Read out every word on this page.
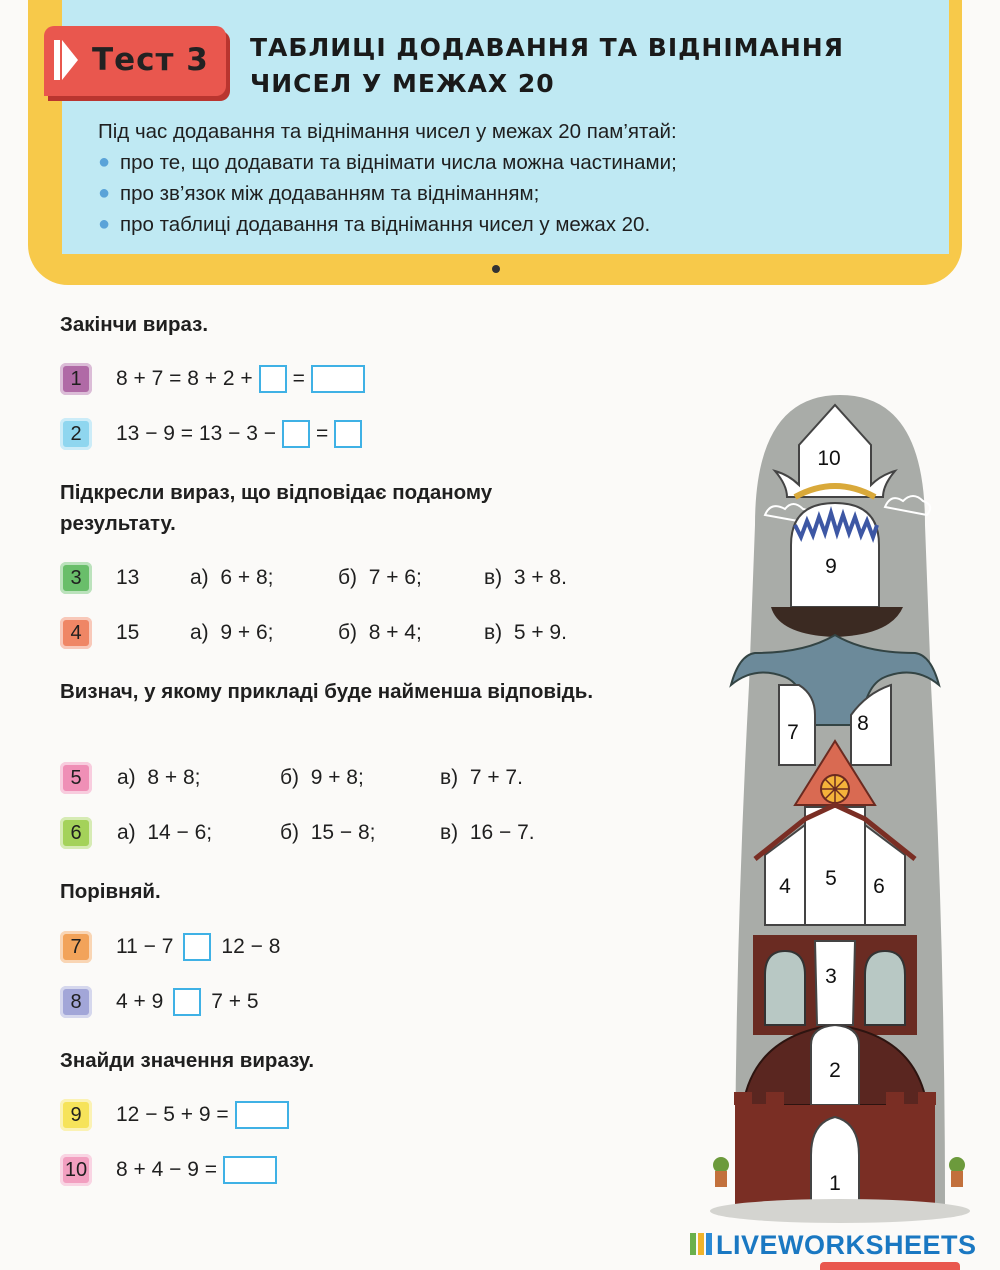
Тест 3 ТАБЛИЦІ ДОДАВАННЯ ТА ВІДНІМАННЯ
ЧИСЕЛ У МЕЖАХ 20
Під час додавання та віднімання чисел у межах 20 пам’ятай:
● про те, що додавати та віднімати числа можна частинами;
● про зв’язок між додаванням та відніманням;
● про таблиці додавання та віднімання чисел у межах 20.
Закінчи вираз.
1	8 + 7 = 8 + 2 + =
2	13 − 9 = 13 − 3 − =
Підкресли вираз, що відповідає поданому результату.
3	13 а)  6 + 8;	б)  7 + 6;	в)  3 + 8.
4	15 а)  9 + 6;	б)  8 + 4;	в)  5 + 9.
Визнач, у якому прикладі буде найменша відповідь.
5	а)  8 + 8;	б)  9 + 8;	в)  7 + 7.
6	а)  14 − 6;	б)  15 − 8;	в)  16 − 7.
Порівняй.
7	11 − 7 12 − 8
8	4 + 9 7 + 5
Знайди значення виразу.
9	12 − 5 + 9 =
10 8 + 4 − 9 =
10
9
7	8
4 5 6
3
2
1
LIVEWORKSHEETS
